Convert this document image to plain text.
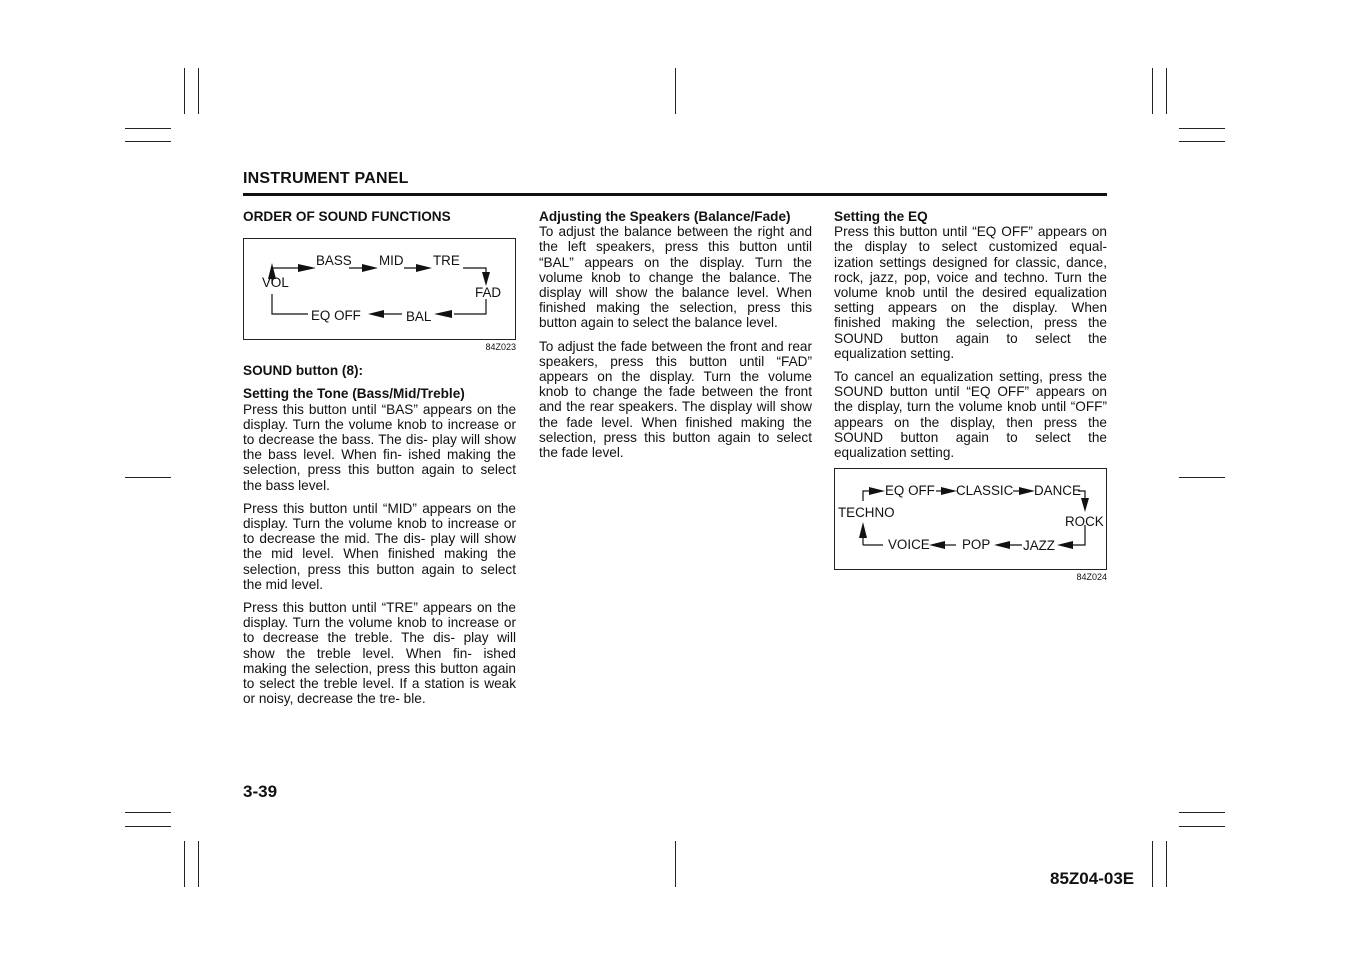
INSTRUMENT PANEL
ORDER OF SOUND FUNCTIONS
BASS MID TRE
VOL
FAD
EQ OFF	BAL
84Z023
SOUND button (8):
Setting the Tone (Bass/Mid/Treble)

Press this button until “BAS” appears on the display. Turn the volume knob to increase or to decrease the bass. The dis- play will show the bass level. When fin- ished making the selection, press this button again to select the bass level.

Press this button until “MID” appears on the display. Turn the volume knob to increase or to decrease the mid. The dis- play will show the mid level. When finished making the selection, press this button again to select the mid level.

Press this button until “TRE” appears on the display. Turn the volume knob to increase or to decrease the treble. The dis- play will show the treble level. When fin- ished making the selection, press this button again to select the treble level. If a station is weak or noisy, decrease the tre- ble.

Adjusting the Speakers (Balance/Fade)

To adjust the balance between the right and the left speakers, press this button until “BAL” appears on the display. Turn the volume knob to change the balance. The display will show the balance level. When finished making the selection, press this button again to select the balance level.

To adjust the fade between the front and rear speakers, press this button until “FAD” appears on the display. Turn the volume knob to change the fade between the front and the rear speakers. The display will show the fade level. When finished making the selection, press this button again to select the fade level.

Setting the EQ

Press this button until “EQ OFF” appears on the display to select customized equal- ization settings designed for classic, dance, rock, jazz, pop, voice and techno. Turn the volume knob until the desired equalization setting appears on the display. When finished making the selection, press the SOUND button again to select the equalization setting.

To cancel an equalization setting, press the SOUND button until “EQ OFF” appears on the display, turn the volume knob until “OFF” appears on the display, then press the SOUND button again to select the equalization setting.

EQ OFF CLASSIC DANCE
TECHNO
ROCK
VOICE POP JAZZ
84Z024
3-39
85Z04-03E
